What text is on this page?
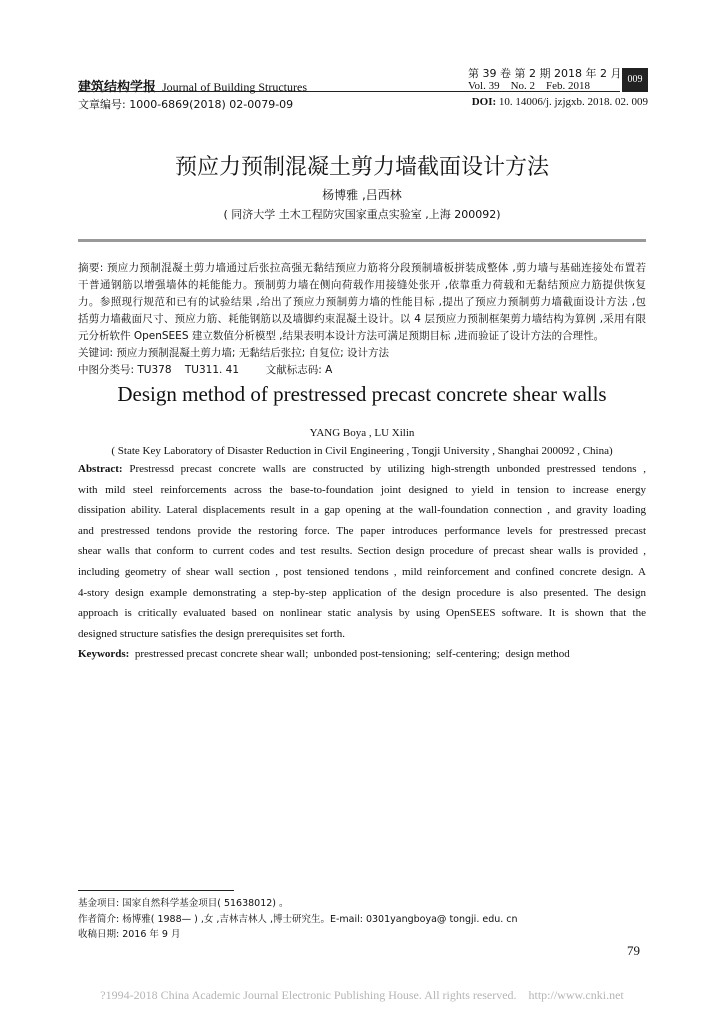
建筑结构学报 Journal of Building Structures
第 39 卷 第 2 期 2018 年 2 月
Vol. 39    No. 2    Feb. 2018
009
文章编号: 1000-6869(2018) 02-0079-09	DOI: 10. 14006/j. jzjgxb. 2018. 02. 009
预应力预制混凝土剪力墙截面设计方法
杨博雅 ,吕西林
( 同济大学 土木工程防灾国家重点实验室 ,上海 200092)
摘要: 预应力预制混凝土剪力墙通过后张拉高强无黏结预应力筋将分段预制墙板拼装成整体 ,剪力墙与基础连接处布置若
干普通钢筋以增强墙体的耗能能力。预制剪力墙在侧向荷载作用接缝处张开 ,依靠重力荷载和无黏结预应力筋提供恢复
力。参照现行规范和已有的试验结果 ,给出了预应力预制剪力墙的性能目标 ,提出了预应力预制剪力墙截面设计方法 ,包
括剪力墙截面尺寸、预应力筋、耗能钢筋以及墙脚约束混凝土设计。以 4 层预应力预制框架剪力墙结构为算例 ,采用有限
元分析软件 OpenSEES 建立数值分析模型 ,结果表明本设计方法可满足预期目标 ,进而验证了设计方法的合理性。
关键词: 预应力预制混凝土剪力墙; 无黏结后张拉; 自复位; 设计方法
中图分类号: TU378    TU311. 41        文献标志码: A
Design method of prestressed precast concrete shear walls
YANG Boya , LU Xilin
( State Key Laboratory of Disaster Reduction in Civil Engineering , Tongji University , Shanghai 200092 , China)
Abstract: Prestressd precast concrete walls are constructed by utilizing high-strength unbonded prestressed tendons ,
with mild steel reinforcements across the base-to-foundation joint designed to yield in tension to increase energy
dissipation ability. Lateral displacements result in a gap opening at the wall-foundation connection , and gravity loading
and prestressed tendons provide the restoring force. The paper introduces performance levels for prestressed precast
shear walls that conform to current codes and test results. Section design procedure of precast shear walls is provided ,
including geometry of shear wall section , post tensioned tendons , mild reinforcement and confined concrete design. A
4-story design example demonstrating a step-by-step application of the design procedure is also presented. The design
approach is critically evaluated based on nonlinear static analysis by using OpenSEES software. It is shown that the
designed structure satisfies the design prerequisites set forth.
Keywords:  prestressed precast concrete shear wall;  unbonded post-tensioning;  self-centering;  design method
基金项目: 国家自然科学基金项目( 51638012) 。
作者简介: 杨博雅( 1988— ) ,女 ,吉林吉林人 ,博士研究生。E-mail: 0301yangboya@ tongji. edu. cn
收稿日期: 2016 年 9 月
79
?1994-2018 China Academic Journal Electronic Publishing House. All rights reserved.    http://www.cnki.net
